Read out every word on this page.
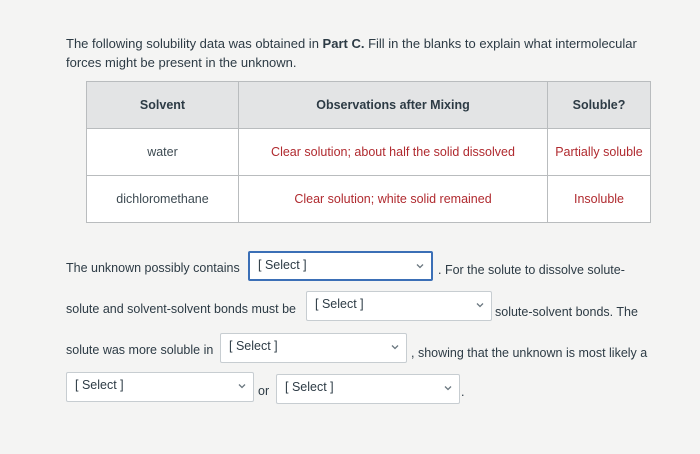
The following solubility data was obtained in Part C. Fill in the blanks to explain what intermolecular forces might be present in the unknown.
Solvent	Observations after Mixing	Soluble?
water	Clear solution; about half the solid dissolved	Partially soluble
dichloromethane	Clear solution; white solid remained	Insoluble
The unknown possibly contains [ Select ]	. For the solute to dissolve solute-
solute and solvent-solvent bonds must be [ Select ]
solute-solvent bonds. The
solute was more soluble in [ Select ]	, showing that the unknown is most likely a
[ Select ]	or [ Select ]	.
